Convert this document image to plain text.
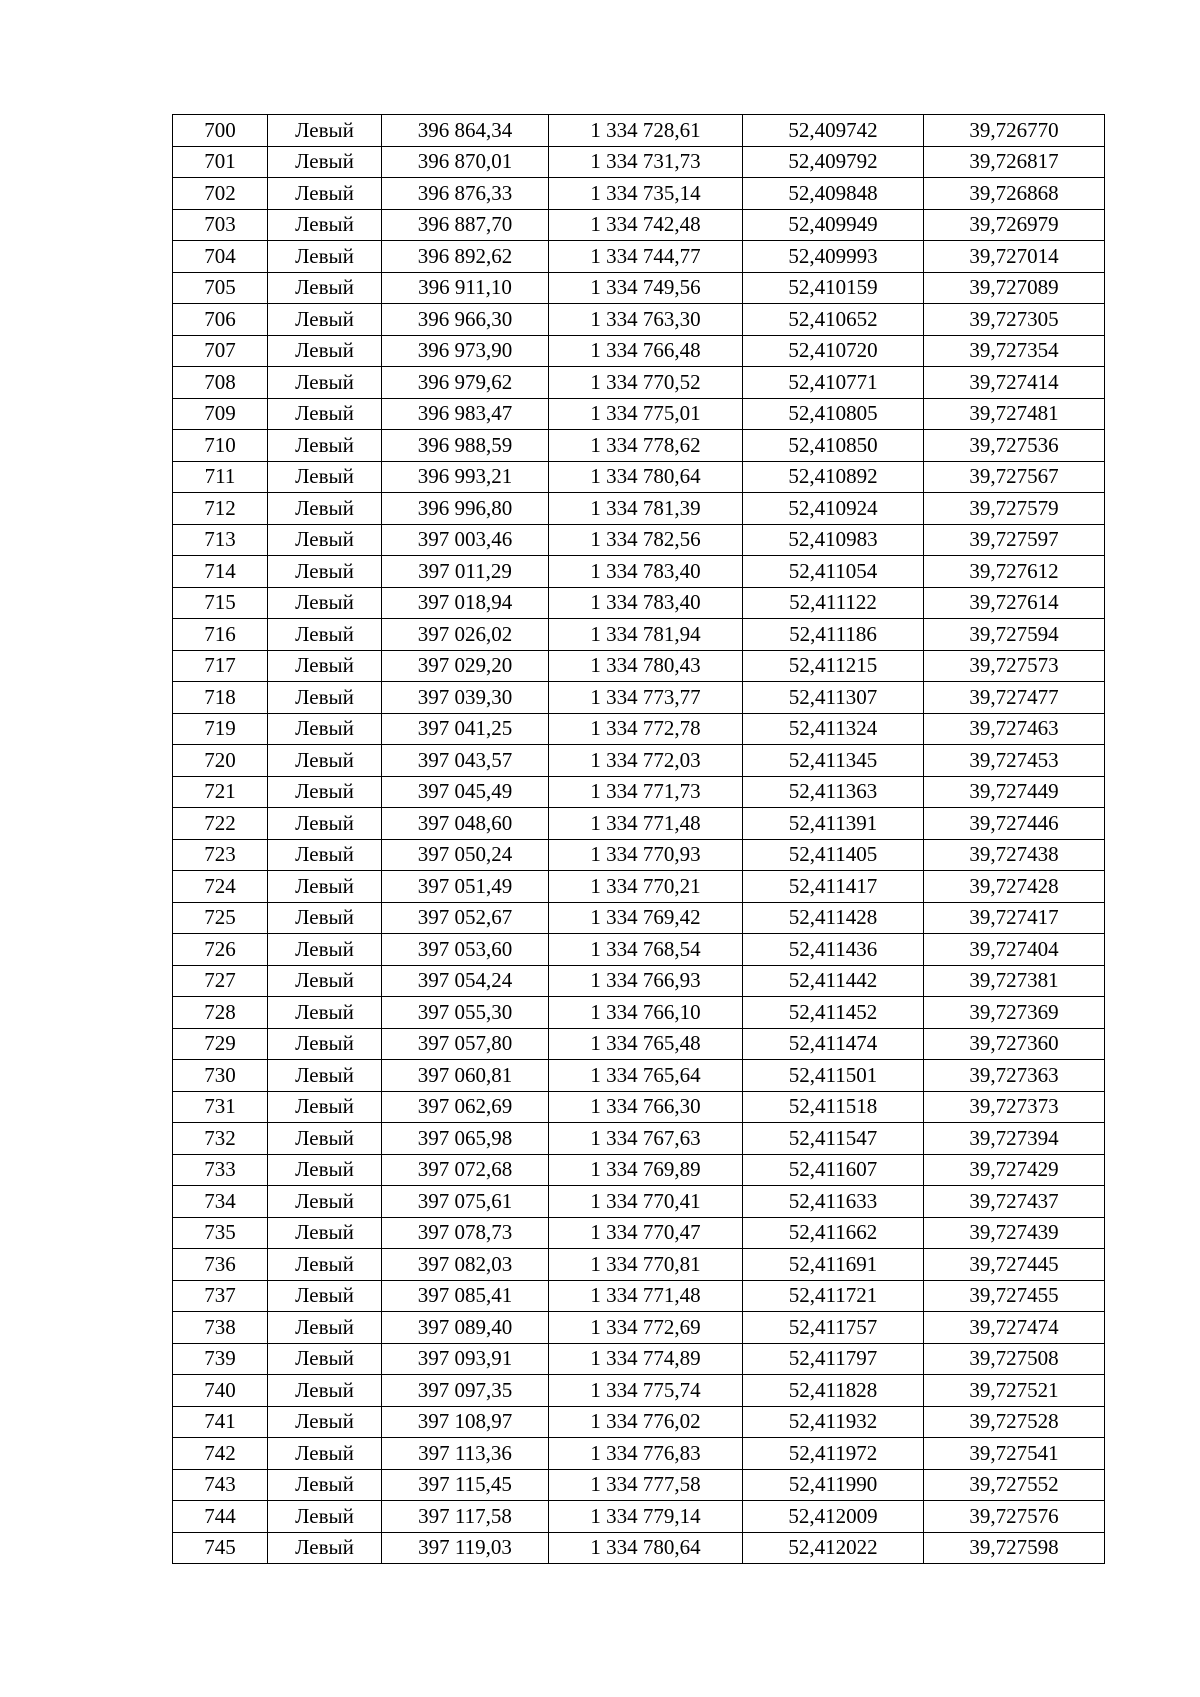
700	Левый	396 864,34	1 334 728,61	52,409742	39,726770
701	Левый	396 870,01	1 334 731,73	52,409792	39,726817
702	Левый	396 876,33	1 334 735,14	52,409848	39,726868
703	Левый	396 887,70	1 334 742,48	52,409949	39,726979
704	Левый	396 892,62	1 334 744,77	52,409993	39,727014
705	Левый	396 911,10	1 334 749,56	52,410159	39,727089
706	Левый	396 966,30	1 334 763,30	52,410652	39,727305
707	Левый	396 973,90	1 334 766,48	52,410720	39,727354
708	Левый	396 979,62	1 334 770,52	52,410771	39,727414
709	Левый	396 983,47	1 334 775,01	52,410805	39,727481
710	Левый	396 988,59	1 334 778,62	52,410850	39,727536
711	Левый	396 993,21	1 334 780,64	52,410892	39,727567
712	Левый	396 996,80	1 334 781,39	52,410924	39,727579
713	Левый	397 003,46	1 334 782,56	52,410983	39,727597
714	Левый	397 011,29	1 334 783,40	52,411054	39,727612
715	Левый	397 018,94	1 334 783,40	52,411122	39,727614
716	Левый	397 026,02	1 334 781,94	52,411186	39,727594
717	Левый	397 029,20	1 334 780,43	52,411215	39,727573
718	Левый	397 039,30	1 334 773,77	52,411307	39,727477
719	Левый	397 041,25	1 334 772,78	52,411324	39,727463
720	Левый	397 043,57	1 334 772,03	52,411345	39,727453
721	Левый	397 045,49	1 334 771,73	52,411363	39,727449
722	Левый	397 048,60	1 334 771,48	52,411391	39,727446
723	Левый	397 050,24	1 334 770,93	52,411405	39,727438
724	Левый	397 051,49	1 334 770,21	52,411417	39,727428
725	Левый	397 052,67	1 334 769,42	52,411428	39,727417
726	Левый	397 053,60	1 334 768,54	52,411436	39,727404
727	Левый	397 054,24	1 334 766,93	52,411442	39,727381
728	Левый	397 055,30	1 334 766,10	52,411452	39,727369
729	Левый	397 057,80	1 334 765,48	52,411474	39,727360
730	Левый	397 060,81	1 334 765,64	52,411501	39,727363
731	Левый	397 062,69	1 334 766,30	52,411518	39,727373
732	Левый	397 065,98	1 334 767,63	52,411547	39,727394
733	Левый	397 072,68	1 334 769,89	52,411607	39,727429
734	Левый	397 075,61	1 334 770,41	52,411633	39,727437
735	Левый	397 078,73	1 334 770,47	52,411662	39,727439
736	Левый	397 082,03	1 334 770,81	52,411691	39,727445
737	Левый	397 085,41	1 334 771,48	52,411721	39,727455
738	Левый	397 089,40	1 334 772,69	52,411757	39,727474
739	Левый	397 093,91	1 334 774,89	52,411797	39,727508
740	Левый	397 097,35	1 334 775,74	52,411828	39,727521
741	Левый	397 108,97	1 334 776,02	52,411932	39,727528
742	Левый	397 113,36	1 334 776,83	52,411972	39,727541
743	Левый	397 115,45	1 334 777,58	52,411990	39,727552
744	Левый	397 117,58	1 334 779,14	52,412009	39,727576
745	Левый	397 119,03	1 334 780,64	52,412022	39,727598
